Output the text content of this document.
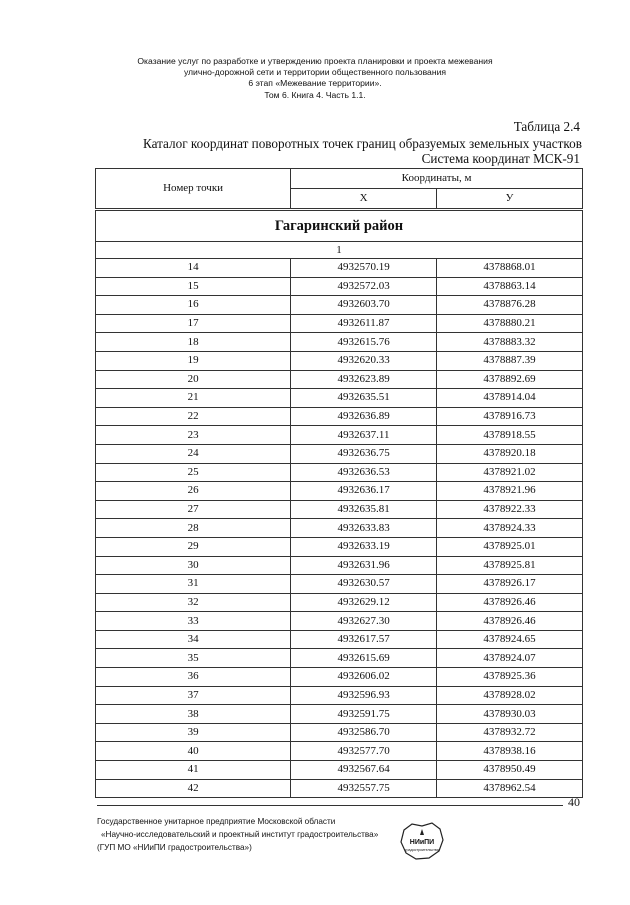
Оказание услуг по разработке и утверждению проекта планировки и проекта межевания
улично-дорожной сети и территории общественного пользования
6 этап «Межевание территории».
Том 6. Книга 4. Часть 1.1.
Таблица 2.4
Каталог координат поворотных точек границ образуемых земельных участков
Система координат МСК-91
Номер точки	Координаты, м	
	X	У
Гагаринский район		
1		
14	4932570.19	4378868.01
15	4932572.03	4378863.14
16	4932603.70	4378876.28
17	4932611.87	4378880.21
18	4932615.76	4378883.32
19	4932620.33	4378887.39
20	4932623.89	4378892.69
21	4932635.51	4378914.04
22	4932636.89	4378916.73
23	4932637.11	4378918.55
24	4932636.75	4378920.18
25	4932636.53	4378921.02
26	4932636.17	4378921.96
27	4932635.81	4378922.33
28	4932633.83	4378924.33
29	4932633.19	4378925.01
30	4932631.96	4378925.81
31	4932630.57	4378926.17
32	4932629.12	4378926.46
33	4932627.30	4378926.46
34	4932617.57	4378924.65
35	4932615.69	4378924.07
36	4932606.02	4378925.36
37	4932596.93	4378928.02
38	4932591.75	4378930.03
39	4932586.70	4378932.72
40	4932577.70	4378938.16
41	4932567.64	4378950.49
42	4932557.75	4378962.54
40
Государственное унитарное предприятие Московской области
«Научно-исследовательский и проектный институт градостроительства»
(ГУП МО «НИиПИ градостроительства»)
НИиПИ
градостроительства
